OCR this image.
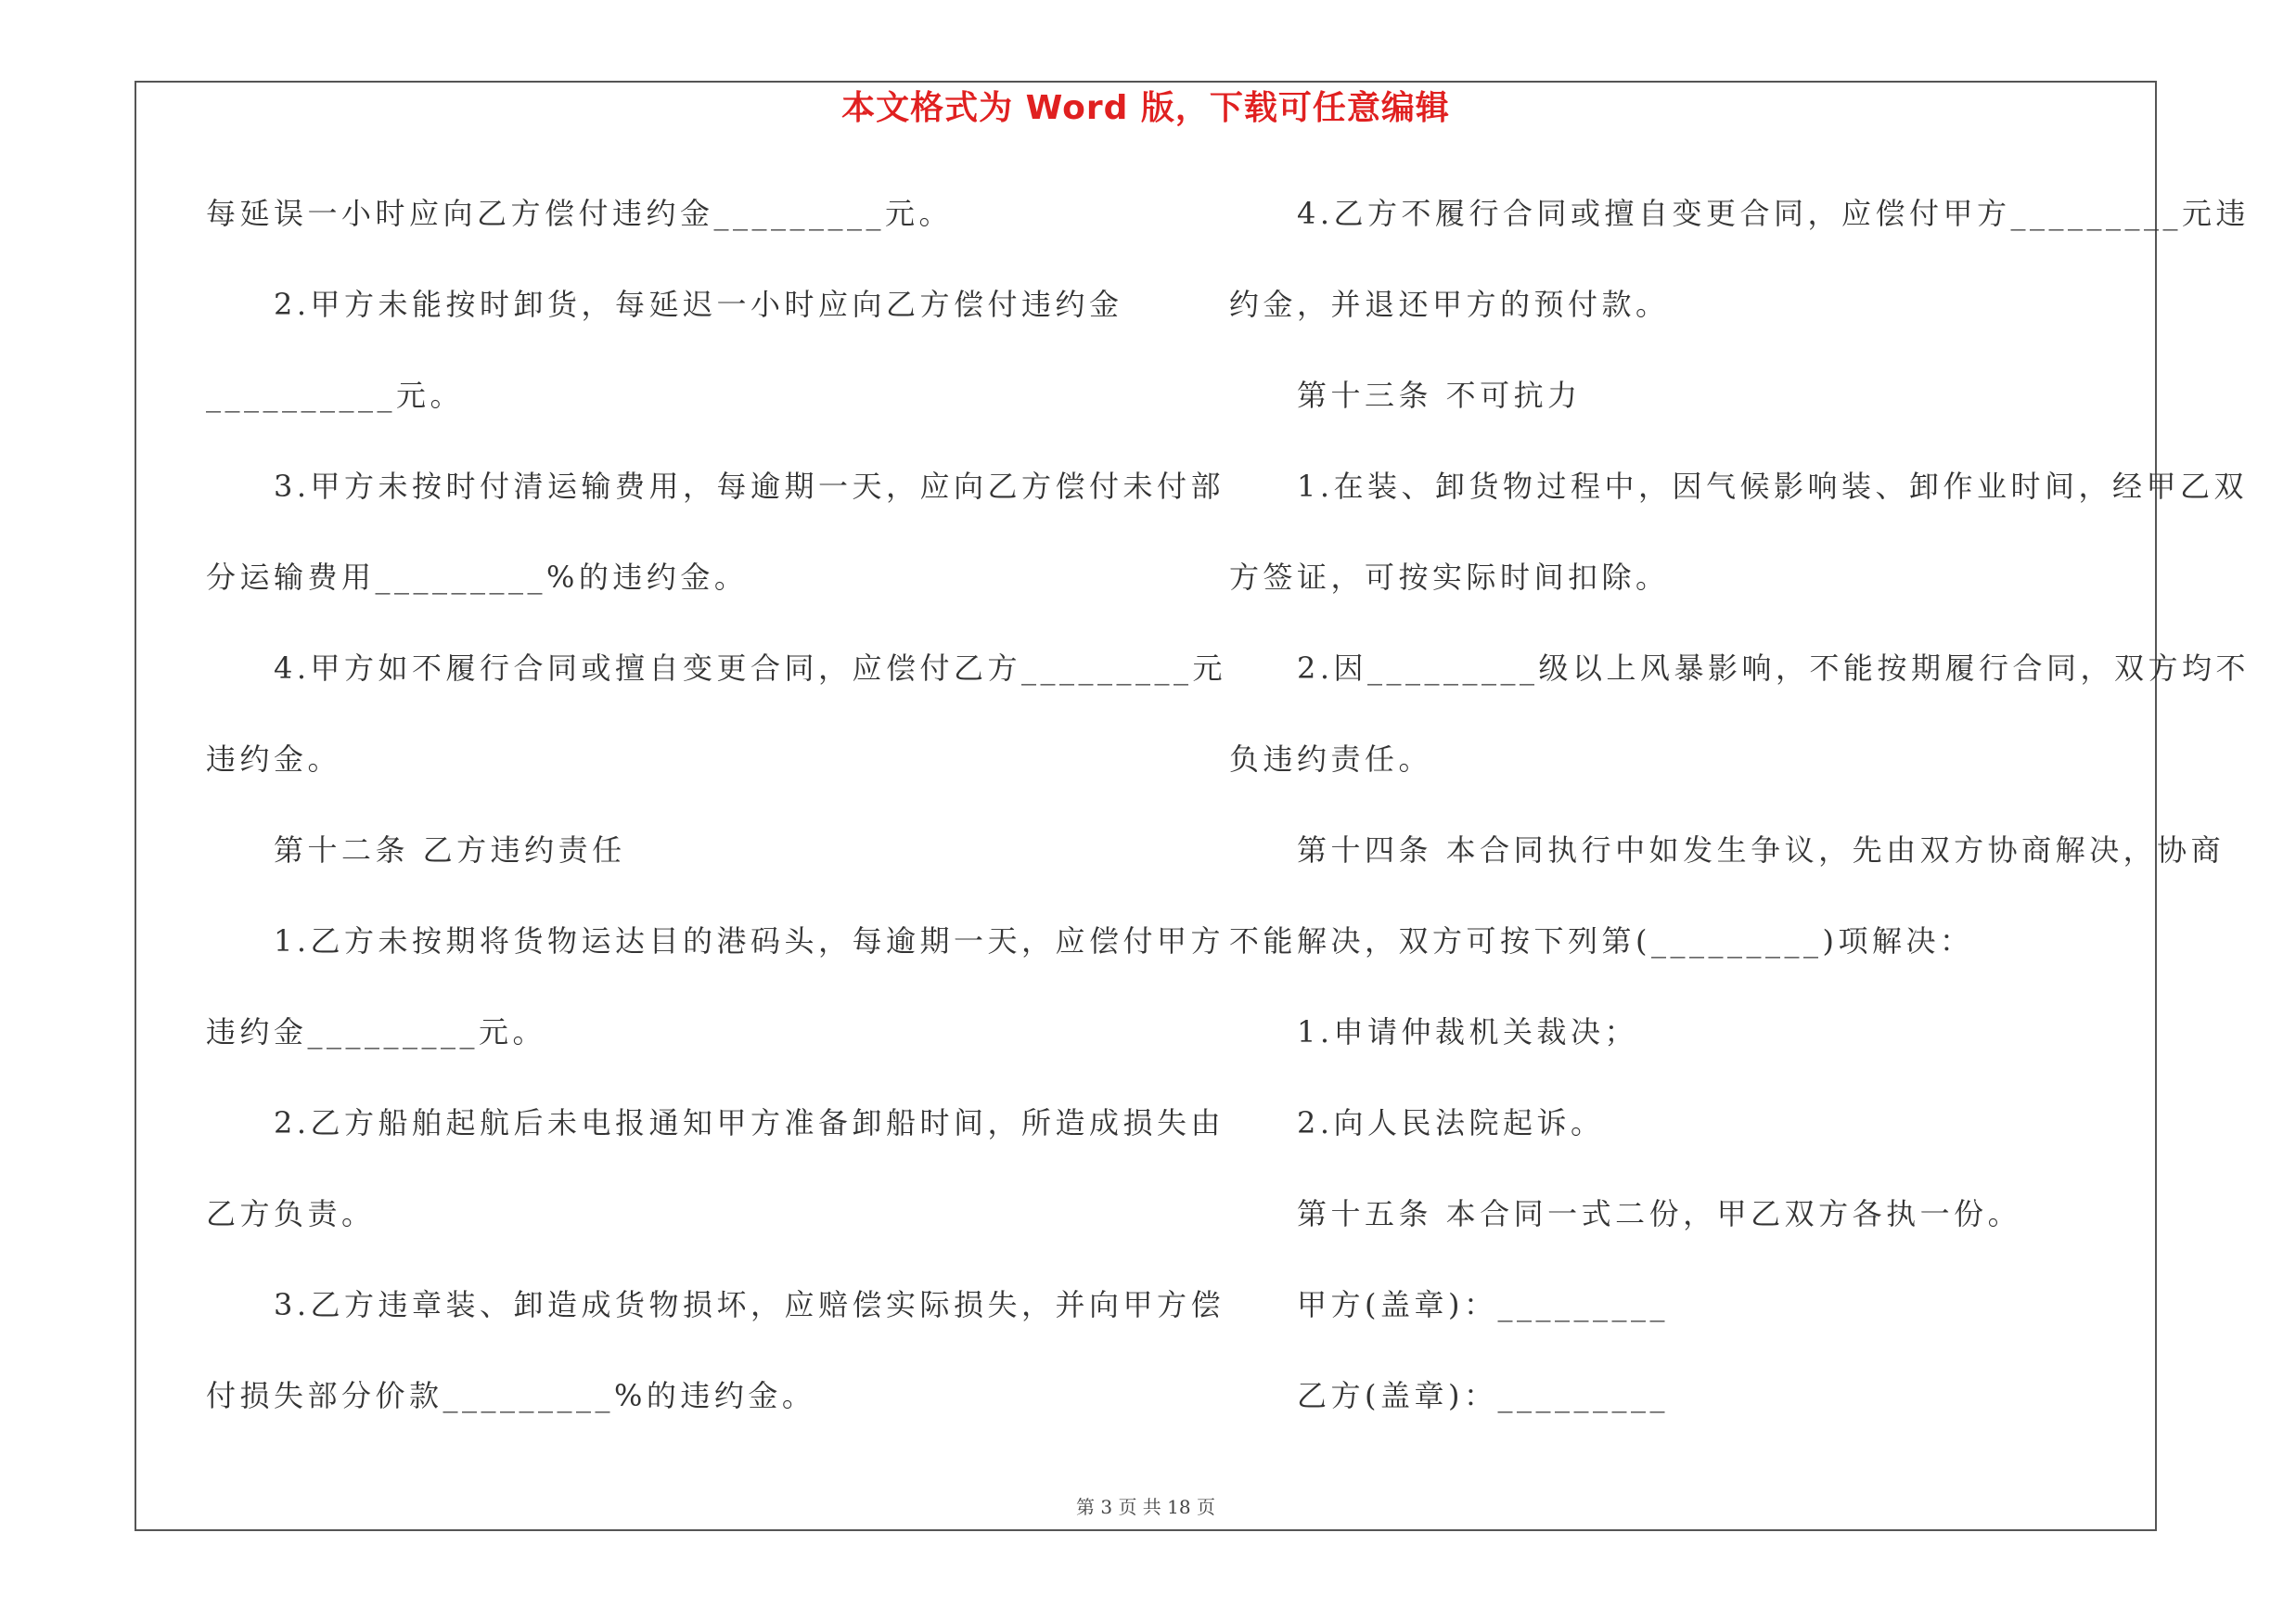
本文格式为 Word 版，下载可任意编辑
每延误一小时应向乙方偿付违约金_________元。
　　2.甲方未能按时卸货，每延迟一小时应向乙方偿付违约金
__________元。
　　3.甲方未按时付清运输费用，每逾期一天，应向乙方偿付未付部
分运输费用_________%的违约金。
　　4.甲方如不履行合同或擅自变更合同，应偿付乙方_________元
违约金。
　　第十二条 乙方违约责任
　　1.乙方未按期将货物运达目的港码头，每逾期一天，应偿付甲方
违约金_________元。
　　2.乙方船舶起航后未电报通知甲方准备卸船时间，所造成损失由
乙方负责。
　　3.乙方违章装、卸造成货物损坏，应赔偿实际损失，并向甲方偿
付损失部分价款_________%的违约金。
　　4.乙方不履行合同或擅自变更合同，应偿付甲方_________元违
约金，并退还甲方的预付款。
　　第十三条 不可抗力
　　1.在装、卸货物过程中，因气候影响装、卸作业时间，经甲乙双
方签证，可按实际时间扣除。
　　2.因_________级以上风暴影响，不能按期履行合同，双方均不
负违约责任。
　　第十四条 本合同执行中如发生争议，先由双方协商解决，协商
不能解决，双方可按下列第(_________)项解决：
　　1.申请仲裁机关裁决；
　　2.向人民法院起诉。
　　第十五条 本合同一式二份，甲乙双方各执一份。
　　甲方(盖章)：_________
　　乙方(盖章)：_________
第 3 页 共 18 页
